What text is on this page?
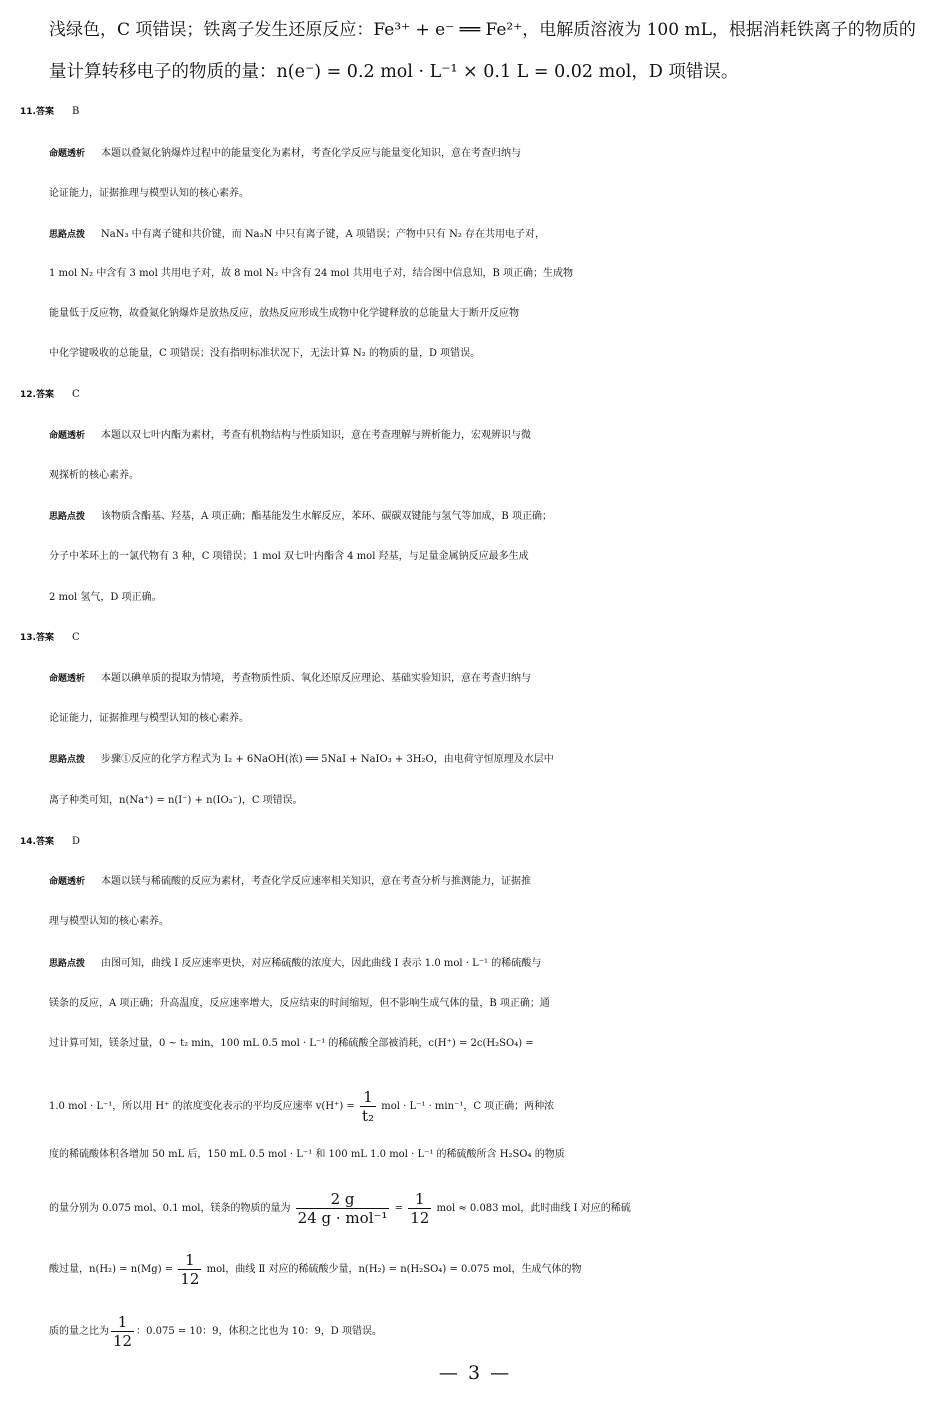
浅绿色，C 项错误；铁离子发生还原反应：Fe³⁺ + e⁻ ══ Fe²⁺，电解质溶液为 100 mL，根据消耗铁离子的物质的
量计算转移电子的物质的量：n(e⁻) = 0.2 mol · L⁻¹ × 0.1 L = 0.02 mol，D 项错误。
11.答案 B
命题透析 本题以叠氮化钠爆炸过程中的能量变化为素材，考查化学反应与能量变化知识，意在考查归纳与
论证能力，证据推理与模型认知的核心素养。
思路点拨 NaN₃ 中有离子键和共价键，而 Na₃N 中只有离子键，A 项错误；产物中只有 N₂ 存在共用电子对，
1 mol N₂ 中含有 3 mol 共用电子对，故 8 mol N₂ 中含有 24 mol 共用电子对，结合图中信息知，B 项正确；生成物
能量低于反应物，故叠氮化钠爆炸是放热反应，放热反应形成生成物中化学键释放的总能量大于断开反应物
中化学键吸收的总能量，C 项错误；没有指明标准状况下，无法计算 N₂ 的物质的量，D 项错误。
12.答案 C
命题透析 本题以双七叶内酯为素材，考查有机物结构与性质知识，意在考查理解与辨析能力，宏观辨识与微
观探析的核心素养。
思路点拨 该物质含酯基、羟基，A 项正确；酯基能发生水解反应，苯环、碳碳双键能与氢气等加成，B 项正确；
分子中苯环上的一氯代物有 3 种，C 项错误；1 mol 双七叶内酯含 4 mol 羟基，与足量金属钠反应最多生成
2 mol 氢气，D 项正确。
13.答案 C
命题透析 本题以碘单质的提取为情境，考查物质性质、氧化还原反应理论、基础实验知识，意在考查归纳与
论证能力，证据推理与模型认知的核心素养。
思路点拨 步骤①反应的化学方程式为 I₂ + 6NaOH(浓) ══ 5NaI + NaIO₃ + 3H₂O，由电荷守恒原理及水层中
离子种类可知，n(Na⁺) = n(I⁻) + n(IO₃⁻)，C 项错误。
14.答案 D
命题透析 本题以镁与稀硫酸的反应为素材，考查化学反应速率相关知识，意在考查分析与推测能力，证据推
理与模型认知的核心素养。
思路点拨 由图可知，曲线 Ⅰ 反应速率更快，对应稀硫酸的浓度大，因此曲线 Ⅰ 表示 1.0 mol · L⁻¹ 的稀硫酸与
镁条的反应，A 项正确；升高温度，反应速率增大，反应结束的时间缩短，但不影响生成气体的量，B 项正确；通
过计算可知，镁条过量，0 ~ t₂ min，100 mL 0.5 mol · L⁻¹ 的稀硫酸全部被消耗，c(H⁺) = 2c(H₂SO₄) =
1.0 mol · L⁻¹，所以用 H⁺ 的浓度变化表示的平均反应速率 $v(H^+) = \frac{1}{\text{t₂}}$ mol · L⁻¹ · min⁻¹，C 项正确；两种浓
度的稀硫酸体积各增加 50 mL 后，150 mL 0.5 mol · L⁻¹ 和 100 mL 1.0 mol · L⁻¹ 的稀硫酸所含 H₂SO₄ 的物质
的量分别为 0.075 mol、0.1 mol，镁条的物质的量为 $\frac{2 g}{\text{24 g · mol⁻¹}} = \frac{1}{12}$ mol ≈ 0.083 mol，此时曲线 Ⅰ 对应的稀硫
酸过量，$n(H_2) = n(Mg) = \frac{1}{12}$ mol，曲线 Ⅱ 对应的稀硫酸少量，n(H₂) = n(H₂SO₄) = 0.075 mol，生成气体的物
质的量之比为 $\frac{1}{12}$ ：0.075 = 10：9，体积之比也为 10：9，D 项错误。
— 3 —
